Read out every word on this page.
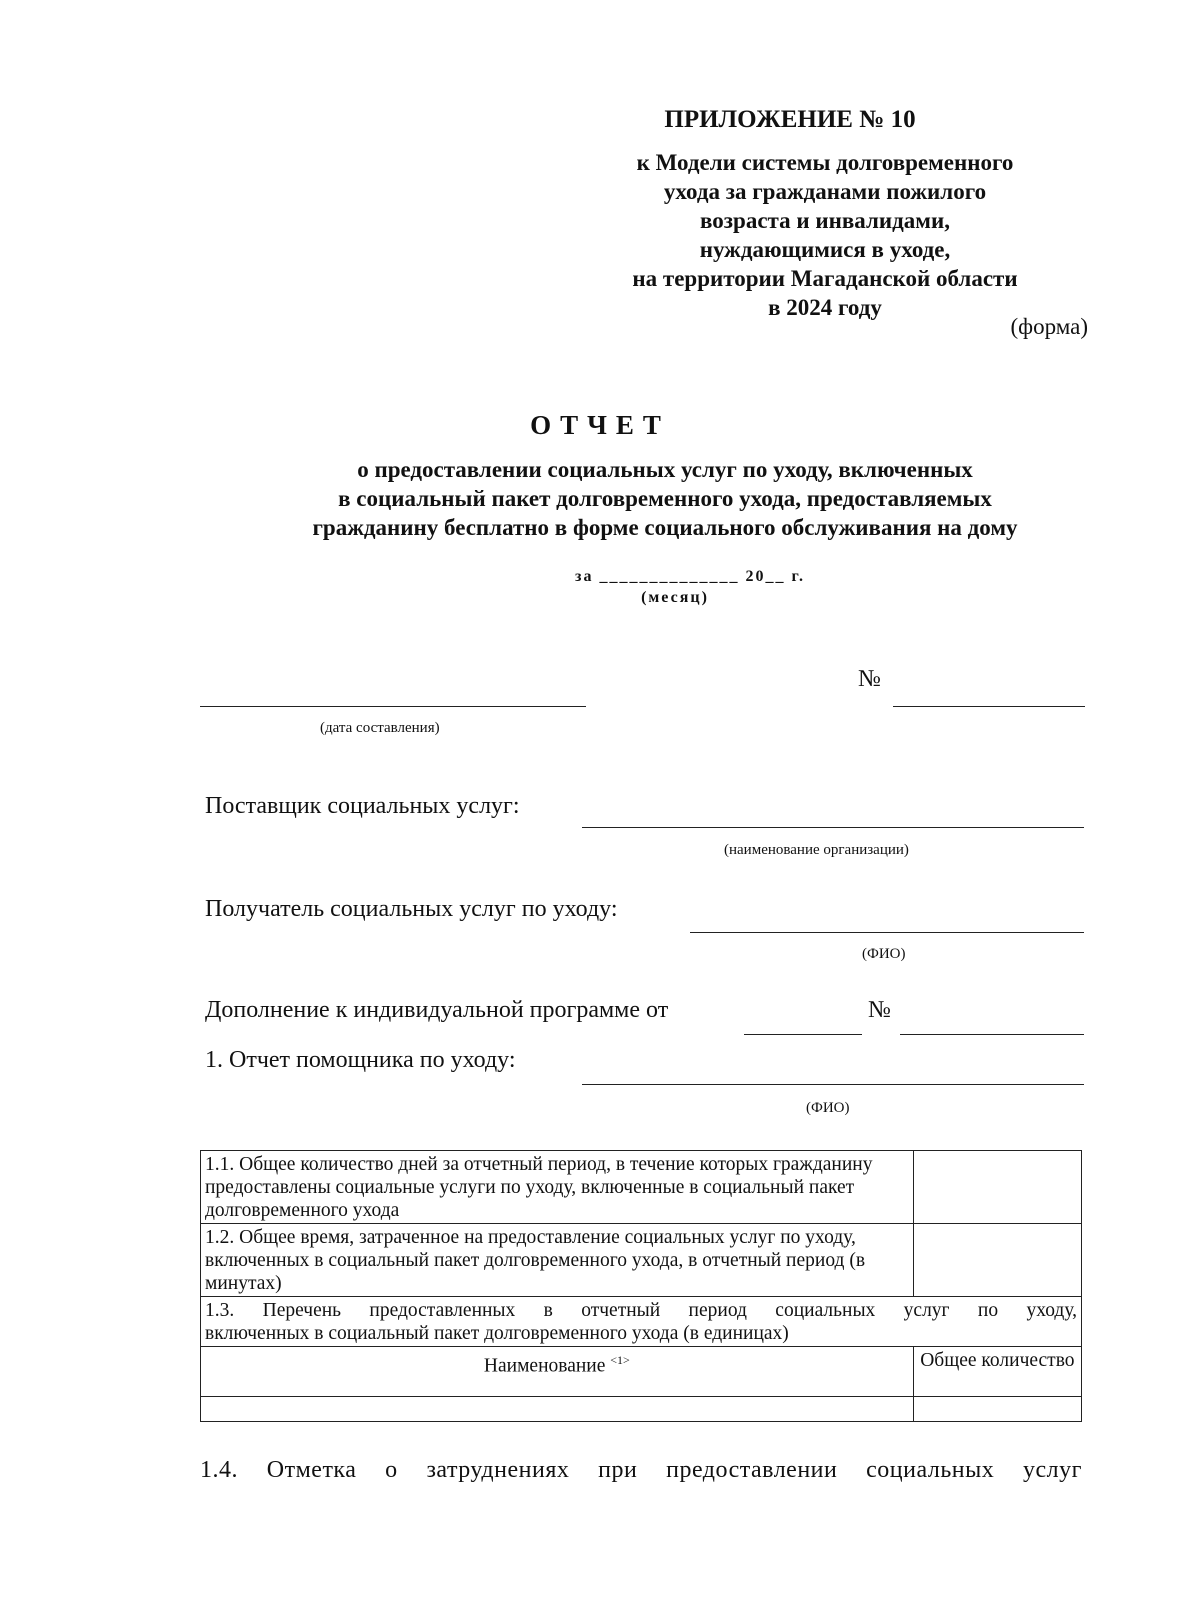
ПРИЛОЖЕНИЕ № 10
к Модели системы долговременного
ухода за гражданами пожилого
возраста и инвалидами,
нуждающимися в уходе,
на территории Магаданской области
в 2024 году
(форма)
ОТЧЕТ
о предоставлении социальных услуг по уходу, включенных
в социальный пакет долговременного ухода, предоставляемых
гражданину бесплатно в форме социального обслуживания на дому
за ______________ 20__ г.
(месяц)
(дата составления)
№
Поставщик социальных услуг:
(наименование организации)
Получатель социальных услуг по уходу:
(ФИО)
Дополнение к индивидуальной программе от	№
1. Отчет помощника по уходу:
(ФИО)
1.1. Общее количество дней за отчетный период, в течение которых гражданину предоставлены социальные услуги по уходу, включенные в социальный пакет долговременного ухода	
1.2. Общее время, затраченное на предоставление социальных услуг по уходу, включенных в социальный пакет долговременного ухода, в отчетный период (в минутах)	

1.3. Перечень предоставленных в отчетный период социальных услуг по уходу,
включенных в социальный пакет долговременного ухода (в единицах)	

Наименование $^{<1>}$	Общее количество

1.4. Отметка о затруднениях при предоставлении социальных услуг
